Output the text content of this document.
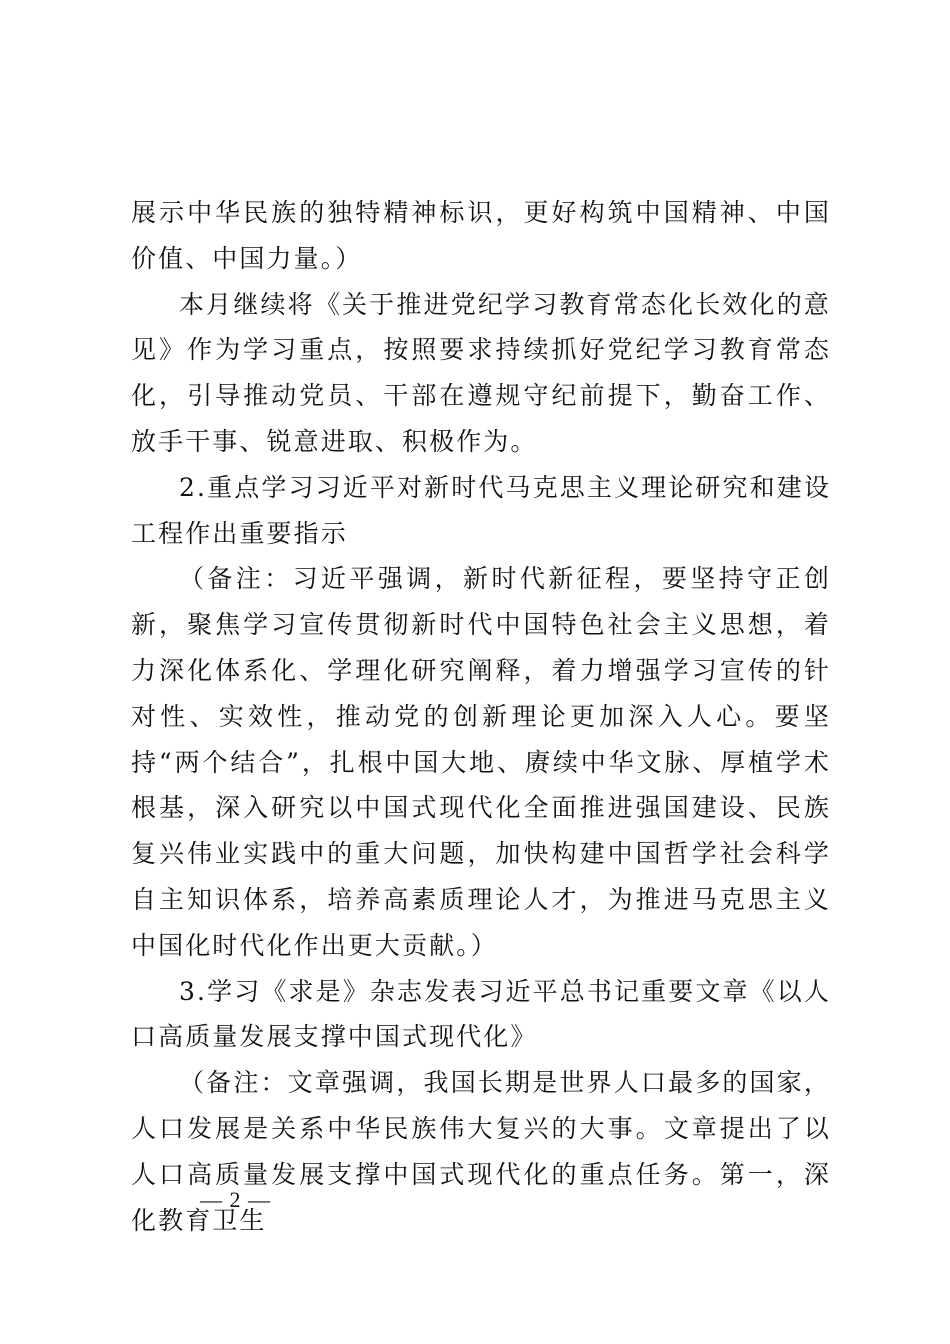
展示中华民族的独特精神标识，更好构筑中国精神、中国价值、中国力量。）

本月继续将《关于推进党纪学习教育常态化长效化的意见》作为学习重点，按照要求持续抓好党纪学习教育常态化，引导推动党员、干部在遵规守纪前提下，勤奋工作、放手干事、锐意进取、积极作为。

2.重点学习习近平对新时代马克思主义理论研究和建设工程作出重要指示

（备注：习近平强调，新时代新征程，要坚持守正创新，聚焦学习宣传贯彻新时代中国特色社会主义思想，着力深化体系化、学理化研究阐释，着力增强学习宣传的针对性、实效性，推动党的创新理论更加深入人心。要坚持“两个结合”，扎根中国大地、赓续中华文脉、厚植学术根基，深入研究以中国式现代化全面推进强国建设、民族复兴伟业实践中的重大问题，加快构建中国哲学社会科学自主知识体系，培养高素质理论人才，为推进马克思主义中国化时代化作出更大贡献。）

3.学习《求是》杂志发表习近平总书记重要文章《以人口高质量发展支撑中国式现代化》

（备注：文章强调，我国长期是世界人口最多的国家，人口发展是关系中华民族伟大复兴的大事。文章提出了以人口高质量发展支撑中国式现代化的重点任务。第一，深化教育卫生

— 2 —
